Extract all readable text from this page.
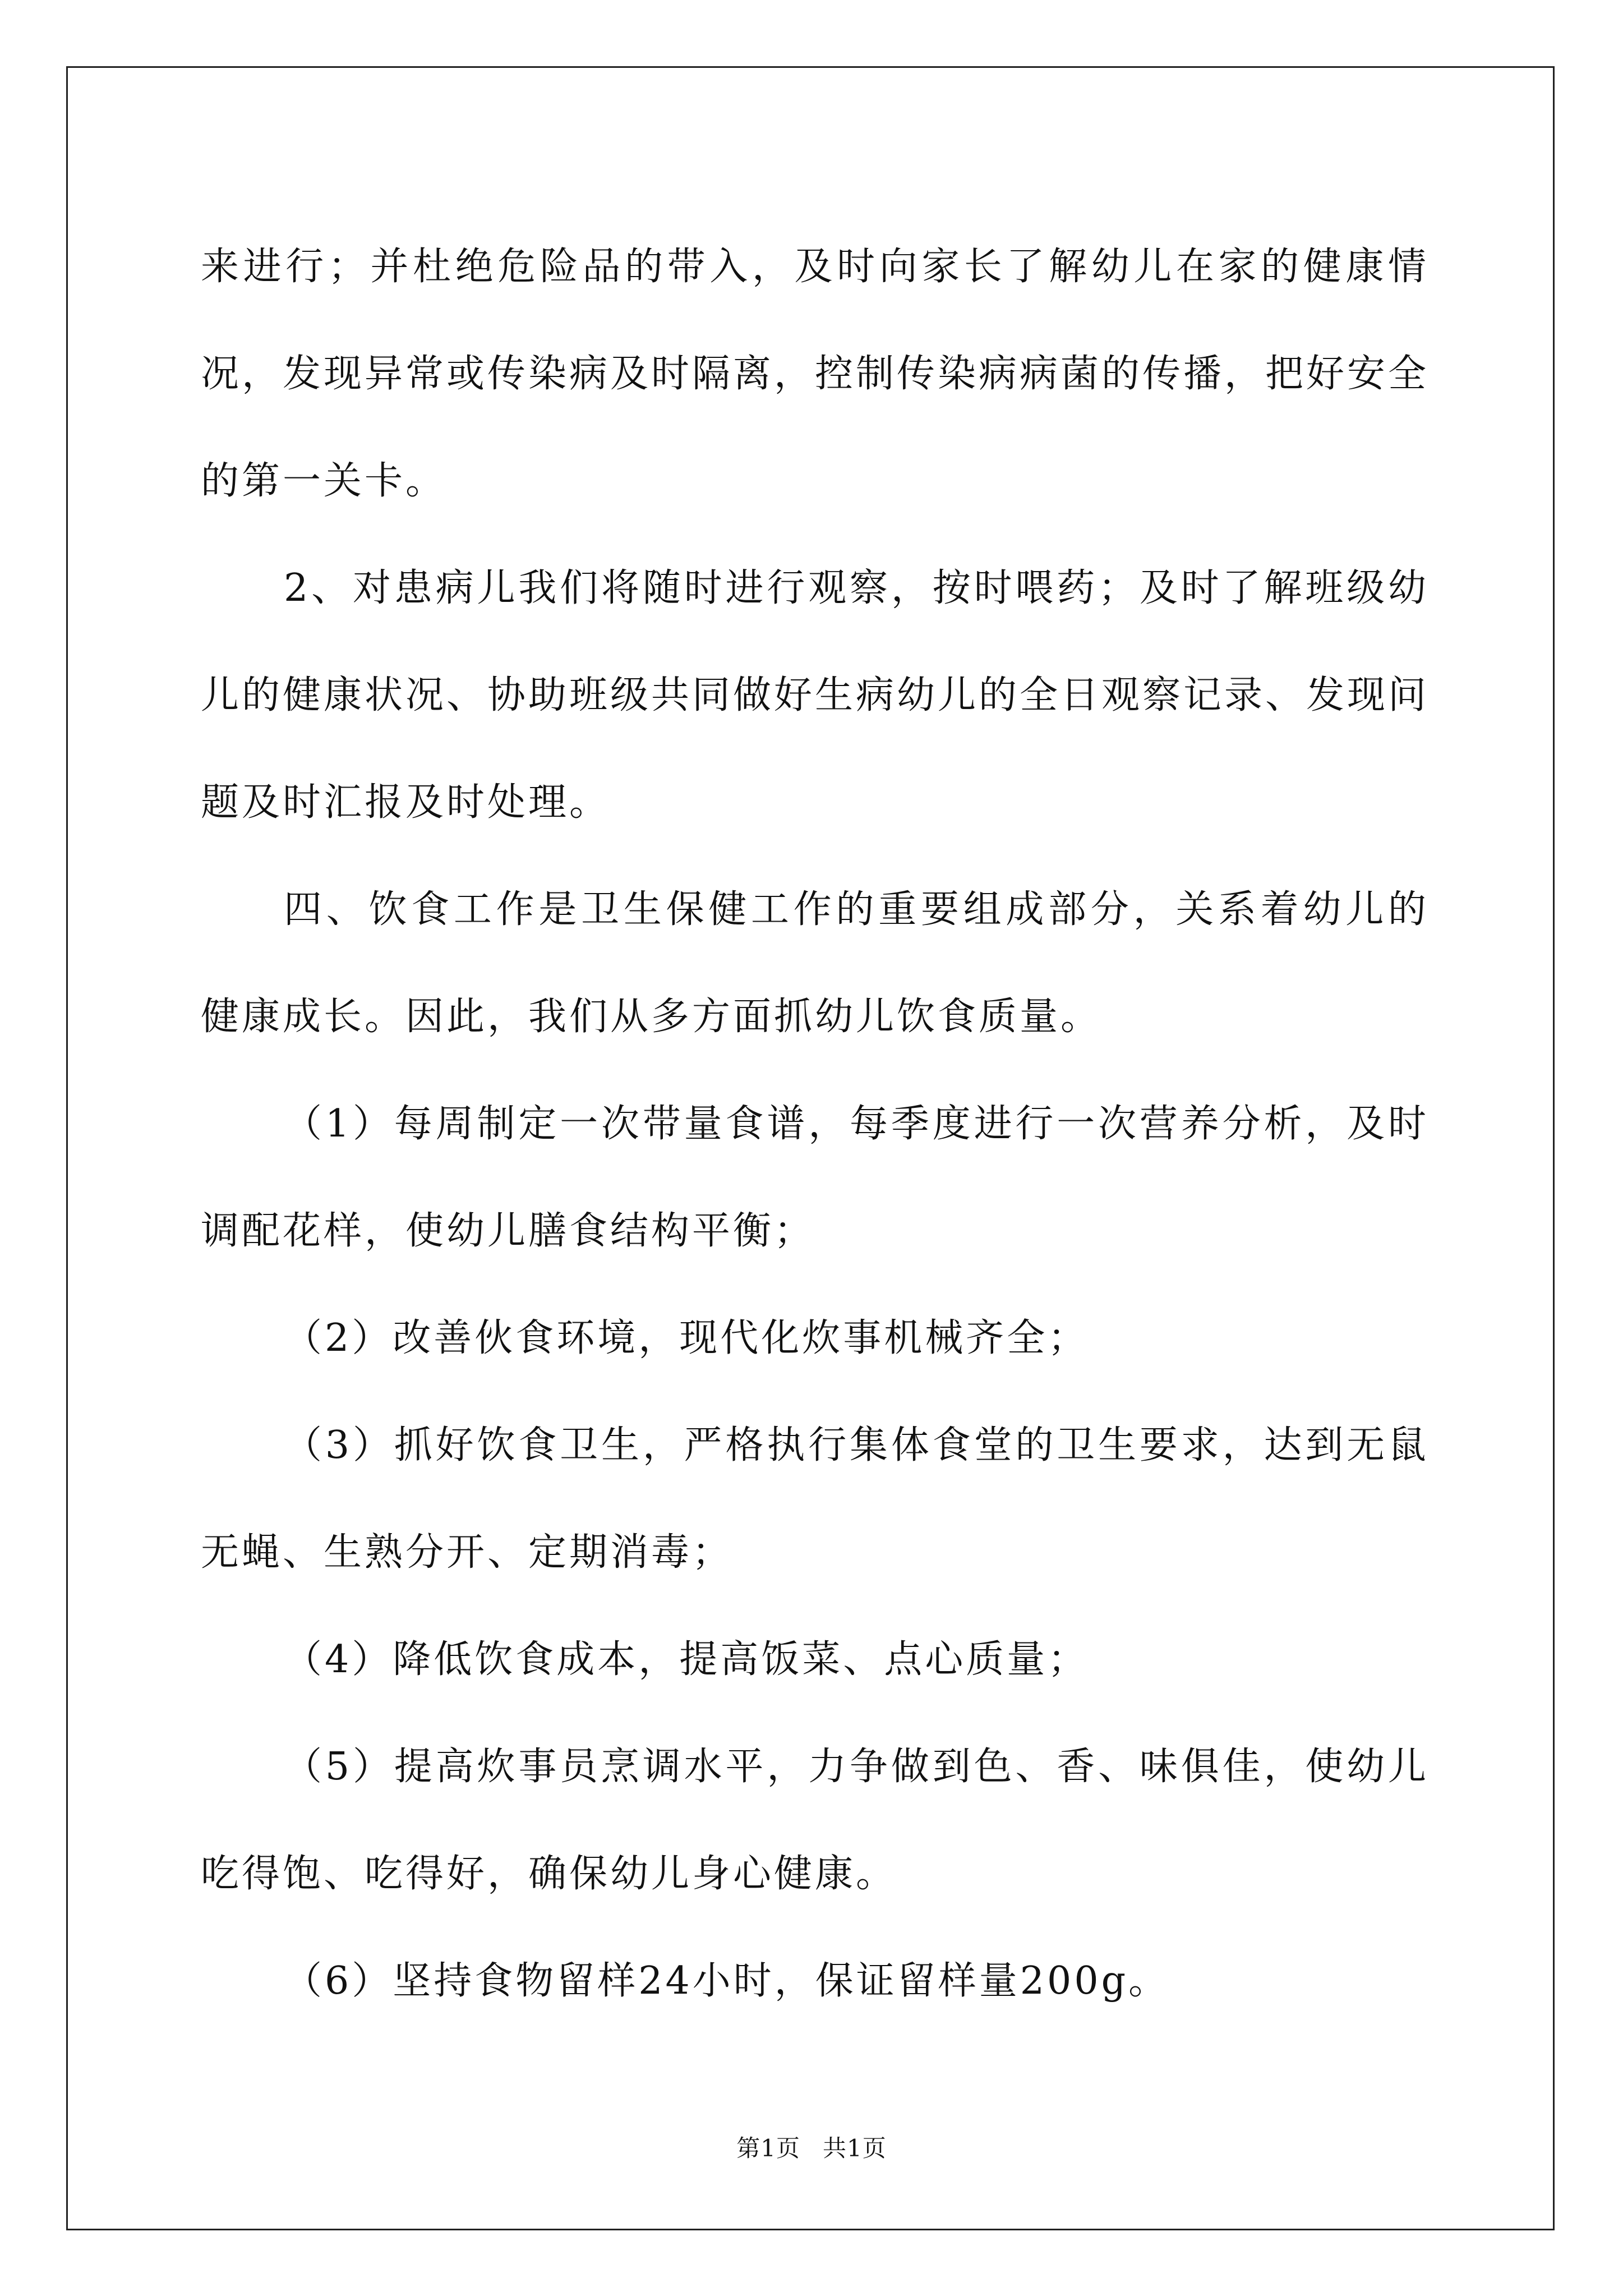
来进行；并杜绝危险品的带入，及时向家长了解幼儿在家的健康情况，发现异常或传染病及时隔离，控制传染病病菌的传播，把好安全的第一关卡。

2、对患病儿我们将随时进行观察，按时喂药；及时了解班级幼儿的健康状况、协助班级共同做好生病幼儿的全日观察记录、发现问题及时汇报及时处理。

四、饮食工作是卫生保健工作的重要组成部分，关系着幼儿的健康成长。因此，我们从多方面抓幼儿饮食质量。

（1）每周制定一次带量食谱，每季度进行一次营养分析，及时调配花样，使幼儿膳食结构平衡；

（2）改善伙食环境，现代化炊事机械齐全；

（3）抓好饮食卫生，严格执行集体食堂的卫生要求，达到无鼠无蝇、生熟分开、定期消毒；

（4）降低饮食成本，提高饭菜、点心质量；

（5）提高炊事员烹调水平，力争做到色、香、味俱佳，使幼儿吃得饱、吃得好，确保幼儿身心健康。

（6）坚持食物留样24小时，保证留样量200g。

第1页 共1页
